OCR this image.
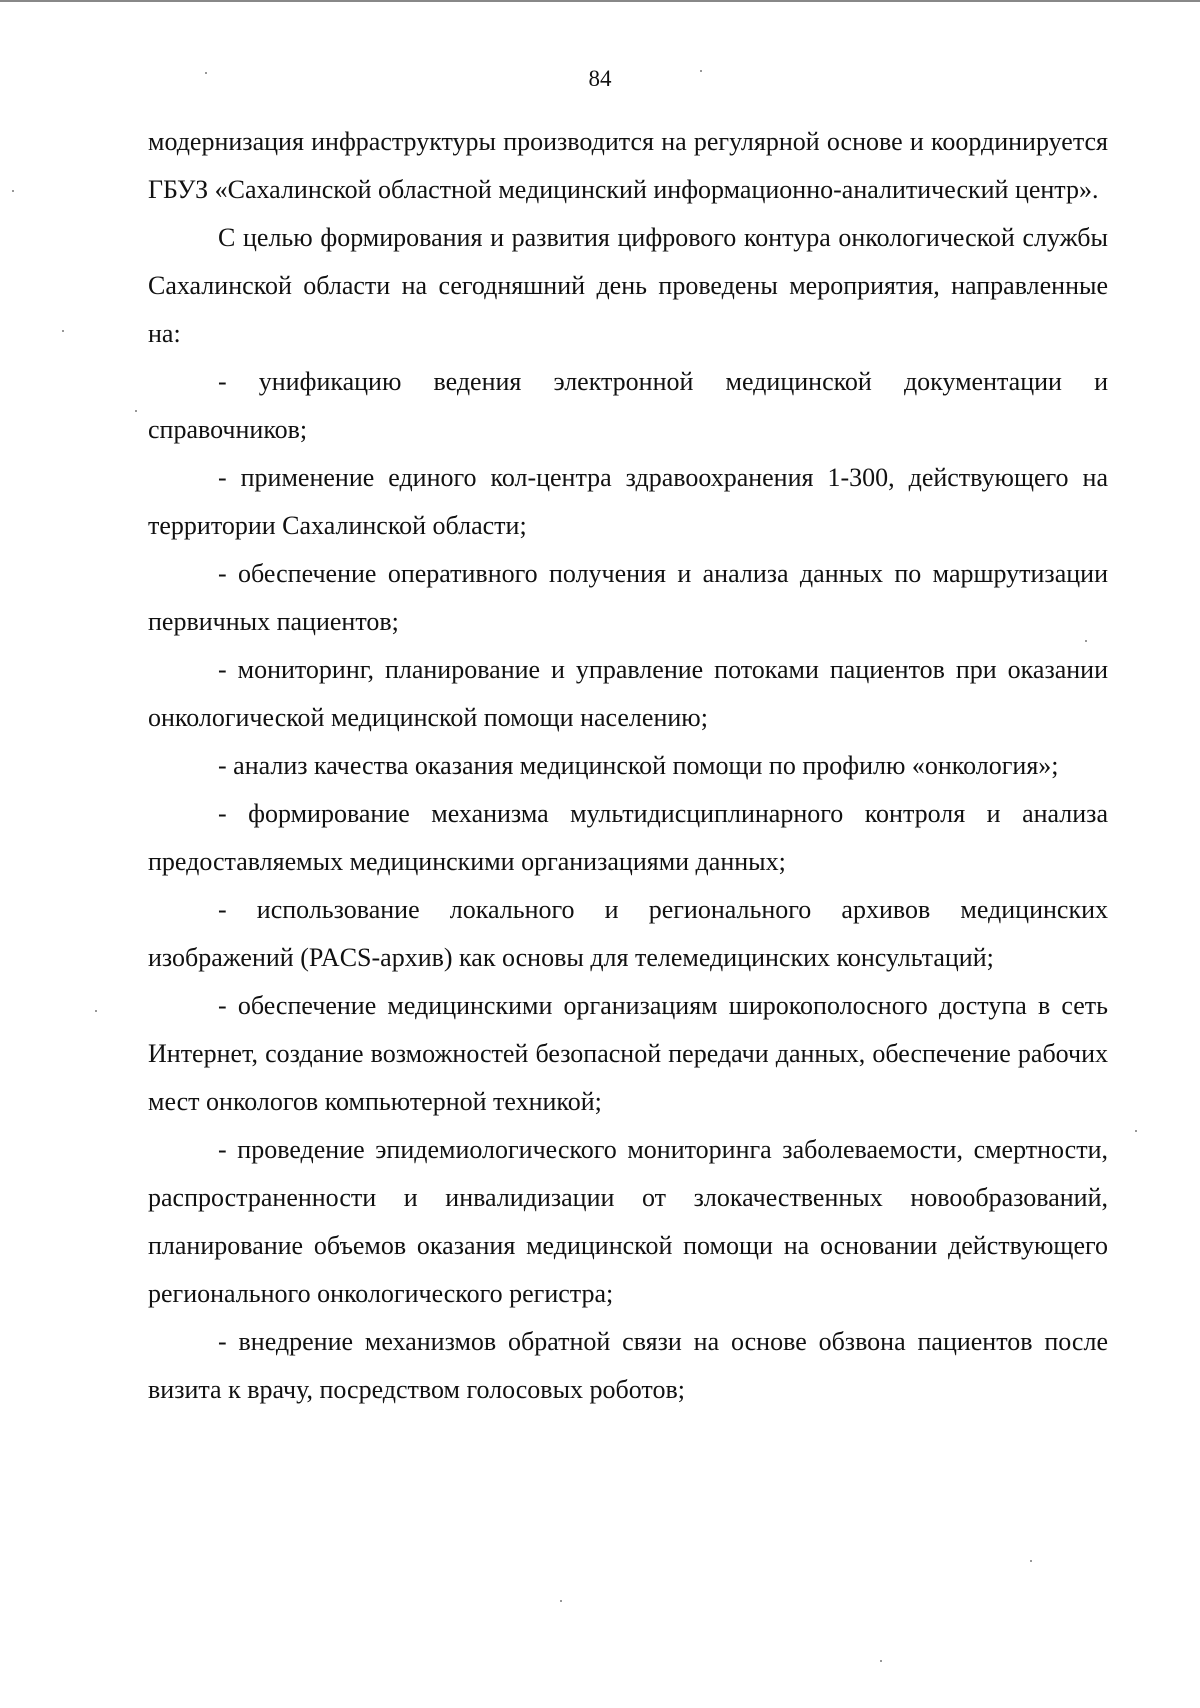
84

модернизация инфраструктуры производится на регулярной основе и координируется ГБУЗ «Сахалинской областной медицинский информационно-аналитический центр».

С целью формирования и развития цифрового контура онкологической службы Сахалинской области на сегодняшний день проведены мероприятия, направленные на:

- унификацию ведения электронной медицинской документации и справочников;

- применение единого кол-центра здравоохранения 1-300, действующего на территории Сахалинской области;

- обеспечение оперативного получения и анализа данных по маршрутизации первичных пациентов;

- мониторинг, планирование и управление потоками пациентов при оказании онкологической медицинской помощи населению;

- анализ качества оказания медицинской помощи по профилю «онкология»;

- формирование механизма мультидисциплинарного контроля и анализа предоставляемых медицинскими организациями данных;

- использование локального и регионального архивов медицинских изображений (PACS-архив) как основы для телемедицинских консультаций;

- обеспечение медицинскими организациям широкополосного доступа в сеть Интернет, создание возможностей безопасной передачи данных, обеспечение рабочих мест онкологов компьютерной техникой;

- проведение эпидемиологического мониторинга заболеваемости, смертности, распространенности и инвалидизации от злокачественных новообразований, планирование объемов оказания медицинской помощи на основании действующего регионального онкологического регистра;

- внедрение механизмов обратной связи на основе обзвона пациентов после визита к врачу, посредством голосовых роботов;
